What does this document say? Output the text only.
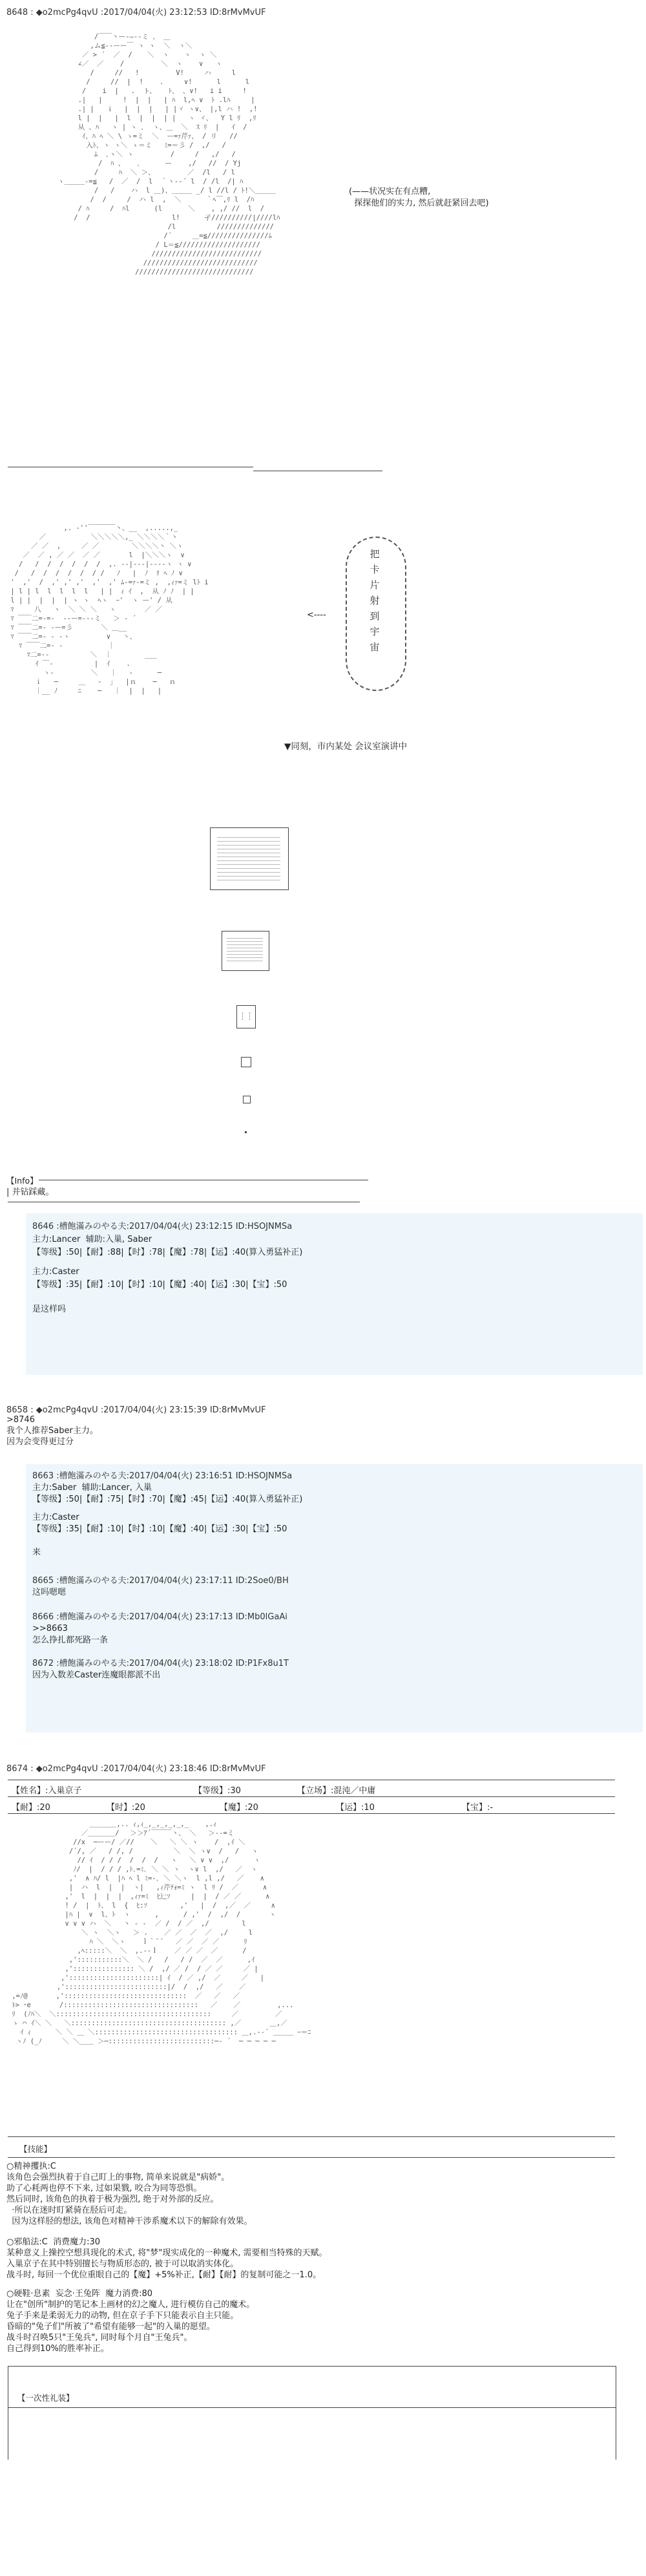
8648 : ◆o2mcPg4qvU :2017/04/04(火) 23:12:53 ID:8rMvMvUF
/￣￣丶ー‐―‐-ミ 、 ＿
,ム≦--ーー￣ ヽ ヽ  ＼  ヽ＼
／ > ´  ／  / 　 ＼  ヽ 　 ヽ  ヽ ＼
∠／  ／    /         ＼  ヽ    ∨   ヽ
/     //   !         V!     ハ     l
/     //  |  !    .     ∨!      l      l
/    i  |   .  ト、   ﾄ、 、∨!   i i     !
.|   |     !  |  |   | ﾊ  l,ﾍ ∨  ﾄ .lﾊ     |
.| |   ｉ 　|  |  |   | |ヾ ヽ∨、 |,l ハ !  ,!
l |  |   |  l  |  |  | |   ヽ ヾ、  Y l ﾘ  ,ﾘ
从 、ﾊ   ヽ | ヽ ､  ヽ、＿  ＼  ｽ ﾘ  |   ｲ  /
ｲ、ﾊ ﾍ ＼ \ ゝ=ミ  ＼  ー=ｧ芹ｧ、 / リ   //
入ﾄ、ヽ ヽ＼ ゝ＝ミ   ﾐ=＝彡 /  ,/   /
ﾑ  ､ヽ＼ ヽ         /     /   ,/   /
/  ﾊ 、   ､      ー    ,/   //  / Yj
/     ﾊ  ＼ ＞、        ／  /l   / l
ヽ＿＿＿-=≦   /  ／  /  l  ｀丶-‐´ l  / /l  /| ﾊ
/   /    ハ  l ＿)、＿＿＿ _/ l //l / ﾄ!＼＿＿＿
/  /     /  ハ l  ,  ＼      ｀ﾍ￣,ﾘ l  /ﾊ
/ ﾊ     /  ﾊl      (l  　　 ＼    , ,/ //  l  /
/  /                    l!      孑//////////|////lﾊ
/l          //////////////
/´     ＿=≦///////////////ﾑ
/ L＝≦////////////////////
///////////////////////////
////////////////////////////
/////////////////////////////
(——状况实在有点糟,
探探他们的实力, 然后就赶紧回去吧)
,. ‐''￣￣￣￣丶、__  ,.....,_
／           ＼＼＼＼＼,_ ＼＼＼＼｀丶
／ ／  ,     ／ ／        ＼＼＼＼丶 ＼ヽ
／  ／ , ／ ／  ／ ／       l  |＼＼＼ヽ  ∨
/   /  /  /  /  /  /  ,. -‐|‐--|-‐--ヽ ヽ ∨
/   /  /  /  /  /  / /   ﾉ   |  ﾉ  ﾘ ﾍ ﾉ ∨
'  ,'  /  ,' ,' ,'  ,'  ,' ﾑ-=ｧ‐=ミ ,  ,ｨｧ=ミ lﾄ i
| l | l  l  l  l  l   | |  ｨ ｲ  ,  从 ﾉ ﾉ  | |
l | |  |  |  | ヽ ヽ  ﾍヽ  ｰ'  ヽ ー' / 从
ﾏ     八   ヽ  ＼ ＼ ＼   ヽ       ／ ／
ﾏ ￣￣二=‐=-  -‐ー=‐‐-ミ   ＞ ‐ ´
ﾏ ￣￣二=‐ ‐ー=彡       ＼ ＿__
ﾏ ￣￣二=‐ ‐ ‐ヽ         ∨   丶、
ﾏ ￣￣二=‐ ‐           ｜
ﾏ二=‐‐          ＼  ｜        ___
ｲ ￣‐          |  ｲ    .
ヽ‐         ＼   ｜   ‐      ─
ｉ   ─     ＿   ‐  ｣   |ｎ    ─   ｎ
｜__ ﾉ     ﾆ    ─   ｜  |  |   |
把
卡
片
射
到
宇
宙
<----
▼同刻，市内某处 会议室演讲中
【Info】
| 并钻踩藏。
8646 :槽飽滿みのやる夫:2017/04/04(火) 23:12:15 ID:HSOJNMSa
主力:Lancer  辅助:入巢, Saber
【等级】:50|【耐】:88|【时】:78|【魔】:78|【运】:40(算入勇猛补正)
主力:Caster
【等级】:35|【耐】:10|【时】:10|【魔】:40|【运】:30|【宝】:50
是这样吗
8658 : ◆o2mcPg4qvU :2017/04/04(火) 23:15:39 ID:8rMvMvUF
>8746
我个人推荐Saber主力。
因为会变得更过分
8663 :槽飽滿みのやる夫:2017/04/04(火) 23:16:51 ID:HSOJNMSa
主力:Saber  辅助:Lancer, 入巢
【等级】:50|【耐】:75|【时】:70|【魔】:45|【运】:40(算入勇猛补正)
主力:Caster
【等级】:35|【耐】:10|【时】:10|【魔】:40|【运】:30|【宝】:50
来
8665 :槽飽滿みのやる夫:2017/04/04(火) 23:17:11 ID:2Soe0/BH
这吗嗯嗯
8666 :槽飽滿みのやる夫:2017/04/04(火) 23:17:13 ID:Mb0lGaAi
>>8663
怎么挣扎都死路一条
8672 :槽飽滿みのやる夫:2017/04/04(火) 23:18:02 ID:P1Fx8u1T
因为入数差Caster连魔眼都派不出
8674 : ◆o2mcPg4qvU :2017/04/04(火) 23:18:46 ID:8rMvMvUF
【姓名】:入巢京子	【等级】:30	【立场】:混沌／中庸
【耐】:20	【时】:20	【魔】:20	【运】:10	【宝】:-
＿＿＿＿,.. ｨ,ｨ_,_,_,_,_,_    ,.ｨ
／＿＿＿＿/　 ＞＞ｱ´￣￣￣丶、 ＼   ＞‐-=ミ
//x  ─ーー/ ／//    ＼   ＼ ＼ ヽ    /  ,ｲ ＼
/´/, ／   / /, /          ＼  ＼ ヽ∨  /   /   ヽ
// ｲ  / / /  /  /  /   ヽ   ＼ ∨ ∨  ,/      ヽ
ﾉ/  |  / / / ,ﾄ､=ﾐ､ ＼ ＼ ヽ  ヽ∨ l  ,/   ／  ヽ
,'  ∧ ﾊ/ l  |ﾊ ﾍ l ﾐ=-､ ＼ ＼ヽ  l ,l ,/   ／    ∧
|  ハ  l  |  |  ヽ|   ,ｨ芹ﾃｫ=ﾐ ヽ  l ﾘ /  ／      ∧
,'  l  |  |  |  ,ｨｧ=ﾐ  ﾋ辷ｿ     |  |  / ／ ／      ∧
! /  |  ﾄ、 l  {  ﾋ:ｿ        ,'   |  /  ,／  ／     ∧
|ﾊ |  ∨  l、ﾄ  ヽ      ,      / ,'  /  ,/  /       ヽ
∨ ∨ ∨ ハ  ＼   丶 ‐ -  ／ /  / ／  ,/        l
＼ ヽ  ＼ヽ   ＞ .    ／ ／  ／  ／  ,/     l
ﾊ ＼  ＼ヽ    ｌ｀¨´   ／ ／  ／ ／      ﾘ
,ﾍ:::::＼  ＼  ,.-‐ｌ    ／ ／ ／  ／      /
,':::::::::::＼  ＼ /   /   / /  ／  ／      ,ｲ
,'::::::::::::::: ＼ /  ,/ ／ /  / ／ ／     ／ |
,'::::::::::::::::::::::| ｲ  / ／ ,/  ／     ／   |
,':::::::::::::::::::::::::|/  /  ,/   ／    ／
,=ﾉ@       ,'::::::::::::::::::::::::::::::  ／   ／   ／
ﾄ> ･e       /:::::::::::::::::::::::::::::::::   ／    ／         ,...
ﾘ  (ﾉﾊ＼  ＼::::::::::::::::::::::::::::::::::::::     ／         ／
ゝ ⌒ ｲ＼ ＼   ＼:::::::::::::::::::::::::::::::::::::: ,／       ＿,／
ｲ ｨ      ＼ ＼ ＿ ＼::::::::::::::::::::::::::::::::::: ＿,.-‐´ ＿＿＿ ｰ＝ﾆ
ヽﾉ (_ﾉ     ＼ ＼＿＿ ＞─::::::::::::::::::::::::::─‐ ´  ─ ─ ─ ─ ─
【技能】
○精神攫执:C
该角色会强烈执着于自己盯上的事物, 简单来说就是"病娇"。
助了心耗两也停不下来, 过如果戮, 咬合为同等恐惧。
然后同时, 该角色的执着于极为强烈, 绝于对外部的反应。
·所以在迷时盯紧骑在胫后可走。
因为这样胫的想法, 该角色对精神干涉系魔术以下的解除有效果。
○邪船法:C  消费魔力:30
某种意义上操控空想具现化的术式, 将"梦"现实成化的一种魔术, 需要相当特殊的天赋。
入巢京子在其中特别擅长与物质形态的, 被于可以取消实体化。
战斗时, 每回一个优位重眼自己的【魔】+5%补正,【耐】【耐】的复制可能之一1.0。
○硬鞋·息素  妄念·王兔阵  魔力消费:80
让在"创所"制护的笔记本上画材的幻之魔人, 进行模仿自己的魔术。
兔子手来是柔弱无力的动物, 但在京子手下只能表示自主只能。
昏暗的"兔子们"所被了"希望有能够一起"的入巢的愿望。
战斗时召唤5只"王兔兵", 同时每个月自"王兔兵"。
自己得到10%的胜率补正。
【一次性礼装】
